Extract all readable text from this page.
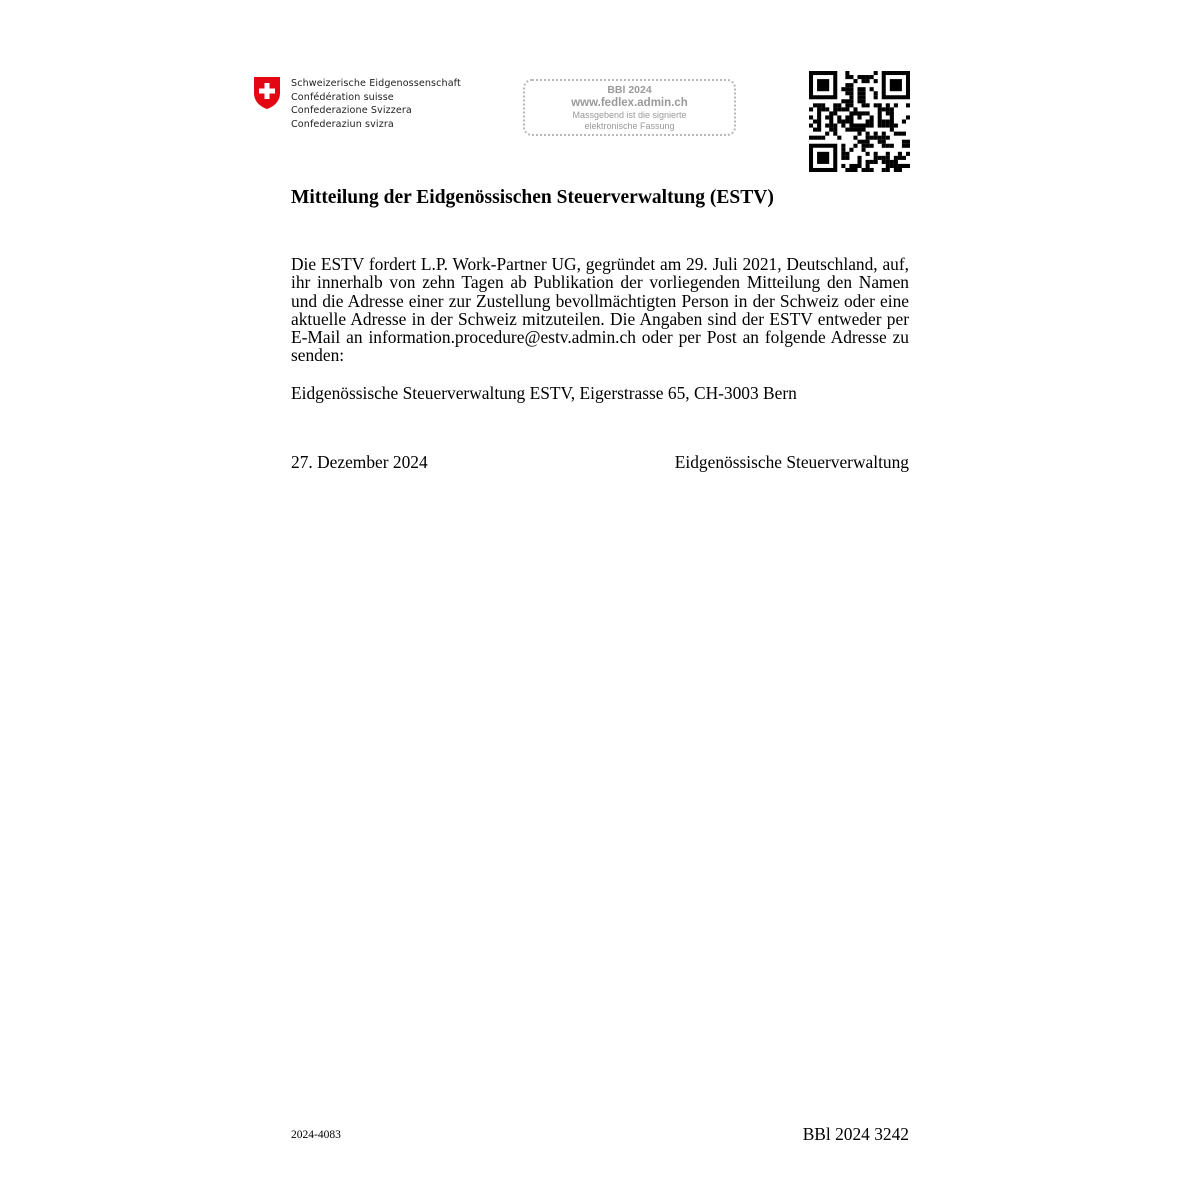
Schweizerische Eidgenossenschaft
Confédération suisse
Confederazione Svizzera
Confederaziun svizra
BBl 2024
www.fedlex.admin.ch
Massgebend ist die signierte
elektronische Fassung
Mitteilung der Eidgenössischen Steuerverwaltung (ESTV)
Die ESTV fordert L.P. Work-Partner UG, gegründet am 29. Juli 2021, Deutschland, auf, ihr innerhalb von zehn Tagen ab Publikation der vorliegenden Mitteilung den Namen und die Adresse einer zur Zustellung bevollmächtigten Person in der Schweiz oder eine aktuelle Adresse in der Schweiz mitzuteilen. Die Angaben sind der ESTV entweder per E-Mail an information.procedure@estv.admin.ch oder per Post an folgende Adresse zu senden:
Eidgenössische Steuerverwaltung ESTV, Eigerstrasse 65, CH-3003 Bern
27. Dezember 2024	Eidgenössische Steuerverwaltung
2024-4083	BBl 2024 3242
